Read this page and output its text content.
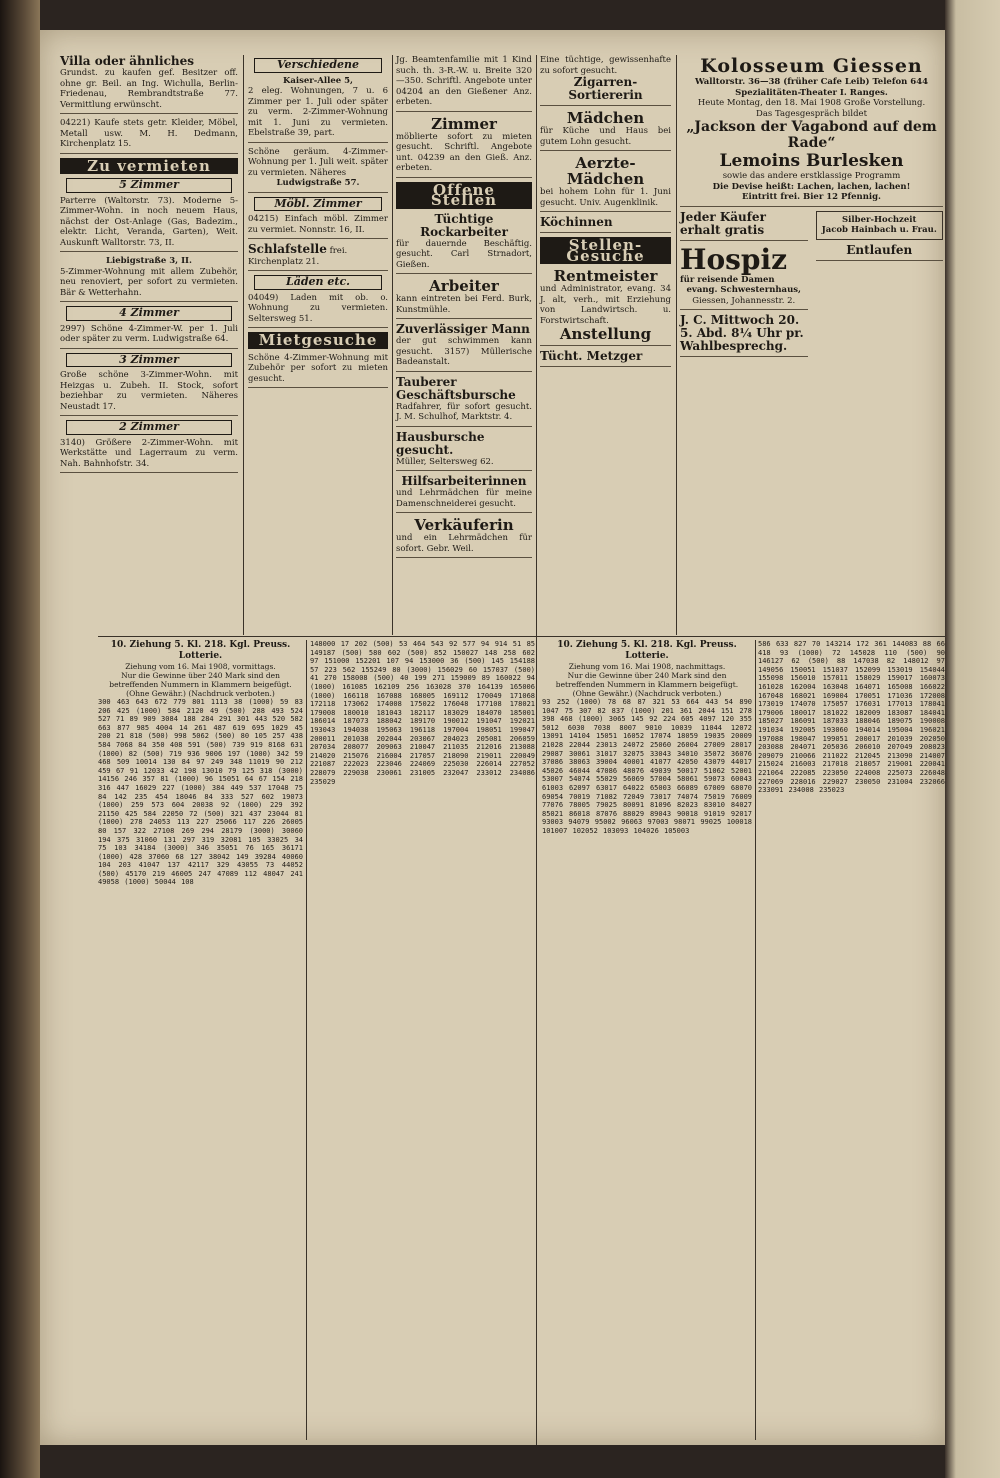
Villa oder ähnliches

Grundst. zu kaufen gef. Besitzer off. ohne gr. Beil. an Ing. Wichulla, Berlin-Friedenau, Rembrandtstraße 77. Vermittlung erwünscht.

04221) Kaufe stets getr. Kleider, Möbel, Metall usw. M. H. Dedmann, Kirchenplatz 15.

Zu vermieten
5 Zimmer

Parterre (Waltorstr. 73). Moderne 5-Zimmer-Wohn. in noch neuem Haus, nächst der Ost-Anlage (Gas, Badezim., elektr. Licht, Veranda, Garten), Weit. Auskunft Walltorstr. 73, II.

Liebigstraße 3, II.

5-Zimmer-Wohnung mit allem Zubehör, neu renoviert, per sofort zu vermieten. Bär & Wetterhahn.

4 Zimmer

2997) Schöne 4-Zimmer-W. per 1. Juli oder später zu verm. Ludwigstraße 64.

3 Zimmer

Große schöne 3-Zimmer-Wohn. mit Heizgas u. Zubeh. II. Stock, sofort beziehbar zu vermieten. Näheres Neustadt 17.

2 Zimmer

3140) Größere 2-Zimmer-Wohn. mit Werkstätte und Lagerraum zu verm. Nah. Bahnhofstr. 34.

Verschiedene
Kaiser-Allee 5,

2 eleg. Wohnungen, 7 u. 6 Zimmer per 1. Juli oder später zu verm. 2-Zimmer-Wohnung mit 1. Juni zu vermieten. Ebelstraße 39, part.

Schöne geräum. 4-Zimmer-Wohnung per 1. Juli weit. später zu vermieten. Näheres

Ludwigstraße 57.
Möbl. Zimmer

04215) Einfach möbl. Zimmer zu vermiet. Nonnstr. 16, II.

Schlafstelle frei. Kirchenplatz 21.
Läden etc.

04049) Laden mit ob. o. Wohnung zu vermieten. Seltersweg 51.

Mietgesuche

Schöne 4-Zimmer-Wohnung mit Zubehör per sofort zu mieten gesucht.

Jg. Beamtenfamilie mit 1 Kind such. th. 3-R.-W. u. Breite 320—350. Schriftl. Angebote unter 04204 an den Gießener Anz. erbeten.

Zimmer

möblierte sofort zu mieten gesucht. Schriftl. Angebote unt. 04239 an den Gieß. Anz. erbeten.

Offene Stellen
Tüchtige Rockarbeiter

für dauernde Beschäftig. gesucht. Carl Strnadort, Gießen.

Arbeiter

kann eintreten bei Ferd. Burk, Kunstmühle.

Zuverlässiger Mann

der gut schwimmen kann gesucht. 3157) Müllerische Badeanstalt.

Tauberer Geschäftsbursche

Radfahrer, für sofort gesucht. J. M. Schulhof, Marktstr. 4.

Hausbursche gesucht.

Müller, Seltersweg 62.

Hilfsarbeiterinnen

und Lehrmädchen für meine Damenschneiderei gesucht.

Verkäuferin

und ein Lehrmädchen für sofort. Gebr. Weil.

Eine tüchtige, gewissenhafte zu sofort gesucht.

Zigarren-Sortiererin
Mädchen

für Küche und Haus bei gutem Lohn gesucht.

Aerzte-Mädchen

bei hohem Lohn für 1. Juni gesucht. Univ. Augenklinik.

Köchinnen
Stellen-Gesuche
Rentmeister

und Administrator, evang. 34 J. alt, verh., mit Erziehung von Landwirtsch. u. Forstwirtschaft.

Anstellung
Tücht. Metzger
Kolosseum Giessen
Walltorstr. 36—38 (früher Cafe Leib) Telefon 644
Spezialitäten-Theater I. Ranges.
Heute Montag, den 18. Mai 1908 Große Vorstellung.
Das Tagesgespräch bildet
„Jackson der Vagabond auf dem Rade“
Lemoins Burlesken
sowie das andere erstklassige Programm
Die Devise heißt: Lachen, lachen, lachen!
Eintritt frei. Bier 12 Pfennig.
Jeder Käufer
erhalt gratis
Hospiz
für reisende Damen
evang. Schwesternhaus,
Giessen, Johannesstr. 2.
J. C. Mittwoch 20. 5. Abd. 8¼ Uhr pr. Wahlbesprechg.
Silber-Hochzeit
Jacob Hainbach u. Frau.
Entlaufen
10. Ziehung 5. Kl. 218. Kgl. Preuss. Lotterie.
Ziehung vom 16. Mai 1908, vormittags.
Nur die Gewinne über 240 Mark sind den betreffenden Nummern in Klammern beigefügt.
(Ohne Gewähr.) (Nachdruck verboten.)

300 463 643 672 779 801 1113 38 (1000) 59 83 206 425 (1000) 584 2120 49 (500) 288 493 524 527 71 89 909 3084 188 284 291 301 443 520 582 663 877 985 4004 14 261 487 619 695 1029 45 200 21 818 (500) 998 5062 (500) 80 105 257 438 584 7068 84 350 408 591 (500) 739 919 8168 631 (1000) 82 (500) 719 936 9006 197 (1000) 342 59 468 509 10014 130 84 97 249 348 11019 90 212 459 67 91 12033 42 198 13010 79 125 318 (3000) 14156 246 357 81 (1000) 96 15051 64 67 154 218 316 447 16029 227 (1000) 384 449 537 17048 75 84 142 235 454 18046 84 333 527 602 19073 (1000) 259 573 604 20038 92 (1000) 229 392 21150 425 584 22050 72 (500) 321 437 23044 81 (1000) 278 24053 113 227 25066 117 226 26005 80 157 322 27108 269 294 28179 (3000) 30060 194 375 31060 131 297 319 32081 105 33025 34 75 103 34184 (3000) 346 35051 76 165 36171 (1000) 428 37060 68 127 38042 149 39284 40060 104 203 41047 137 42117 329 43055 73 44052 (500) 45170 219 46005 247 47089 112 48047 241 49058 (1000) 50044 108

148000 17 202 (500) 53 464 543 92 577 94 914 51 85 149187 (500) 580 602 (500) 852 150027 148 258 602 97 151000 152201 107 94 153000 36 (500) 145 154188 57 223 562 155249 80 (3000) 156029 60 157037 (500) 41 270 158008 (500) 40 199 271 159009 89 160022 94 (1000) 161085 162109 256 163028 370 164139 165006 (1000) 166118 167088 168005 169112 170049 171068 172118 173062 174008 175022 176048 177108 178021 179008 180010 181043 182117 183029 184070 185001 186014 187073 188042 189170 190012 191047 192021 193043 194038 195063 196118 197004 198051 199047 200011 201038 202044 203067 204023 205081 206059 207034 208077 209063 210047 211035 212016 213088 214020 215076 216004 217057 218090 219011 220049 221087 222023 223046 224069 225030 226014 227052 228079 229038 230061 231005 232047 233012 234086 235029

10. Ziehung 5. Kl. 218. Kgl. Preuss. Lotterie.
Ziehung vom 16. Mai 1908, nachmittags.
Nur die Gewinne über 240 Mark sind den betreffenden Nummern in Klammern beigefügt.
(Ohne Gewähr.) (Nachdruck verboten.)

93 252 (1000) 78 68 87 321 53 664 443 54 890 1047 75 307 82 837 (1000) 201 361 2044 151 278 398 468 (1000) 3065 145 92 224 605 4097 120 355 5012 6030 7038 8007 9010 10039 11044 12072 13091 14104 15051 16052 17074 18059 19035 20009 21028 22044 23013 24072 25060 26004 27009 28017 29087 30061 31017 32075 33043 34010 35072 36076 37086 38063 39004 40001 41077 42050 43079 44017 45026 46044 47086 48076 49039 50017 51062 52001 53007 54074 55029 56069 57004 58061 59073 60043 61003 62097 63017 64022 65003 66089 67009 68070 69054 70019 71082 72049 73017 74074 75019 76009 77076 78005 79025 80091 81096 82023 83010 84027 85021 86018 87076 88029 89043 90018 91019 92017 93003 94079 95002 96063 97003 98071 99025 100018 101007 102052 103093 104026 105003

586 633 827 70 143214 172 361 144083 88 66 418 93 (1000) 72 145028 110 (500) 90 146127 62 (500) 88 147038 82 148012 97 149056 150051 151037 152099 153019 154044 155098 156010 157011 158029 159017 160073 161028 162004 163048 164071 165008 166022 167048 168021 169004 170051 171036 172008 173019 174070 175057 176031 177013 178041 179006 180017 181022 182009 183087 184041 185027 186091 187033 188046 189075 190008 191034 192005 193060 194014 195004 196021 197088 198047 199051 200017 201039 202050 203088 204071 205036 206010 207049 208023 209079 210066 211022 212045 213090 214007 215024 216003 217018 218057 219001 220041 221064 222085 223050 224008 225073 226048 227069 228016 229027 230050 231004 232066 233091 234008 235023
